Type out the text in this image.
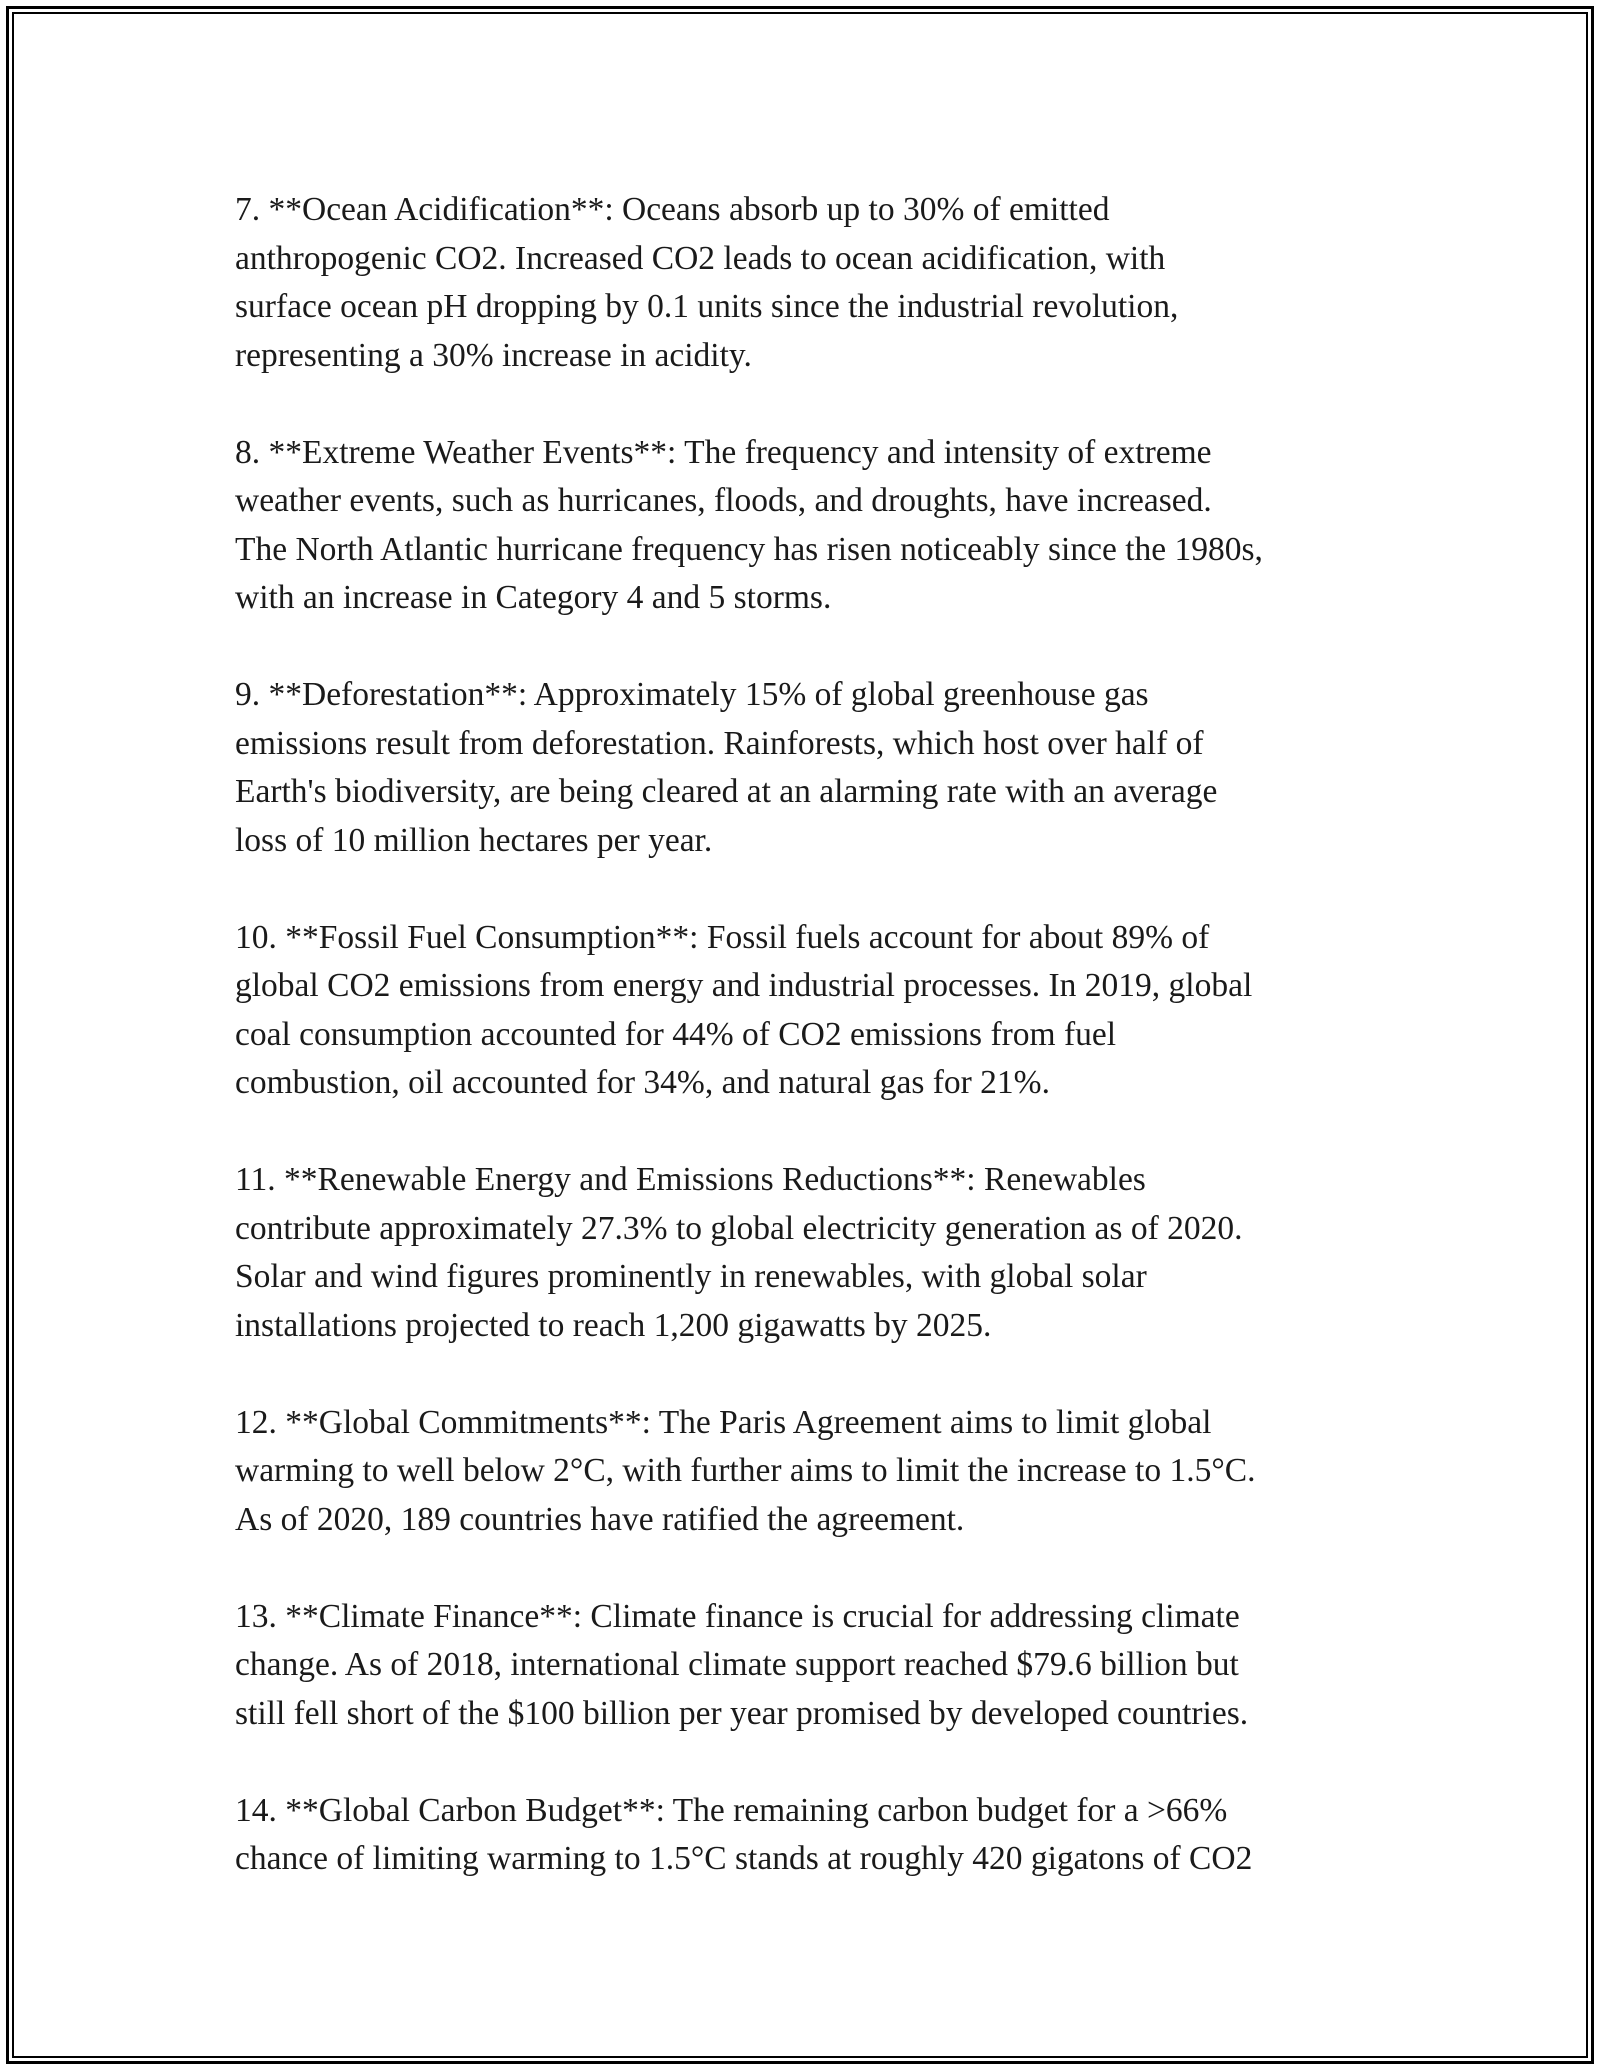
7. **Ocean Acidification**: Oceans absorb up to 30% of emitted
anthropogenic CO2. Increased CO2 leads to ocean acidification, with
surface ocean pH dropping by 0.1 units since the industrial revolution,
representing a 30% increase in acidity.

8. **Extreme Weather Events**: The frequency and intensity of extreme
weather events, such as hurricanes, floods, and droughts, have increased.
The North Atlantic hurricane frequency has risen noticeably since the 1980s,
with an increase in Category 4 and 5 storms.

9. **Deforestation**: Approximately 15% of global greenhouse gas
emissions result from deforestation. Rainforests, which host over half of
Earth's biodiversity, are being cleared at an alarming rate with an average
loss of 10 million hectares per year.

10. **Fossil Fuel Consumption**: Fossil fuels account for about 89% of
global CO2 emissions from energy and industrial processes. In 2019, global
coal consumption accounted for 44% of CO2 emissions from fuel
combustion, oil accounted for 34%, and natural gas for 21%.

11. **Renewable Energy and Emissions Reductions**: Renewables
contribute approximately 27.3% to global electricity generation as of 2020.
Solar and wind figures prominently in renewables, with global solar
installations projected to reach 1,200 gigawatts by 2025.

12. **Global Commitments**: The Paris Agreement aims to limit global
warming to well below 2°C, with further aims to limit the increase to 1.5°C.
As of 2020, 189 countries have ratified the agreement.

13. **Climate Finance**: Climate finance is crucial for addressing climate
change. As of 2018, international climate support reached $79.6 billion but
still fell short of the $100 billion per year promised by developed countries.

14. **Global Carbon Budget**: The remaining carbon budget for a >66%
chance of limiting warming to 1.5°C stands at roughly 420 gigatons of CO2
